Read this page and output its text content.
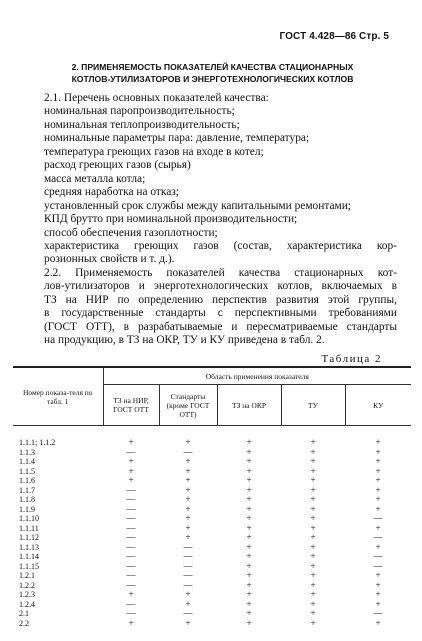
ГОСТ 4.428—86 Стр. 5
2. ПРИМЕНЯЕМОСТЬ ПОКАЗАТЕЛЕЙ КАЧЕСТВА СТАЦИОНАРНЫХ
КОТЛОВ-УТИЛИЗАТОРОВ И ЭНЕРГОТЕХНОЛОГИЧЕСКИХ КОТЛОВ
2.1. Перечень основных показателей качества:
номинальная паропроизводительность;
номинальная теплопроизводительность;
номинальные параметры пара: давление, температура;
температура греющих газов на входе в котел;
расход греющих газов (сырья)
масса металла котла;
средняя наработка на отказ;
установленный срок службы между капитальными ремонтами;
КПД брутто при номинальной производительности;
способ обеспечения газоплотности;
характеристика греющих газов (состав, характеристика кор-
розионных свойств и т. д.).
2.2. Применяемость показателей качества стационарных кот-
лов-утилизаторов и энерготехнологических котлов, включаемых в
ТЗ на НИР по определению перспектив развития этой группы,
в государственные стандарты с перспективными требованиями
(ГОСТ ОТТ), в разрабатываемые и пересматриваемые стандарты
на продукцию, в ТЗ на ОКР, ТУ и КУ приведена в табл. 2.
Таблица 2
Номер показа-теля по табл. 1	Область применения показателя				
	ТЗ на НИР, ГОСТ ОТТ	Стандарты (кроме ГОСТ ОТТ)	ТЗ на ОКР	ТУ	КУ

1.1.1; 1.1.2	+	+	+	+	+
1.1.3	—	—	+	+	+
1.1.4	+	+	+	+	+
1.1.5	+	+	+	+	+
1.1.6	+	+	+	+	+
1.1.7	—	+	+	+	+
1.1.8	—	+	+	+	+
1.1.9	—	+	+	+	+
1.1.10	—	+	+	+	—
1.1.11	—	+	+	+	+
1.1.12	—	+	+	+	—
1.1.13	—	—	+	+	+
1.1.14	—	—	+	+	—
1.1.15	—	—	+	+	—
1.2.1	—	—	+	+	+
1.2.2	—	—	+	+	+
1.2.3	+	+	+	+	+
1.2.4	—	+	+	+	+
2.1	—	—	+	+	—
2.2	+	+	+	+	+
